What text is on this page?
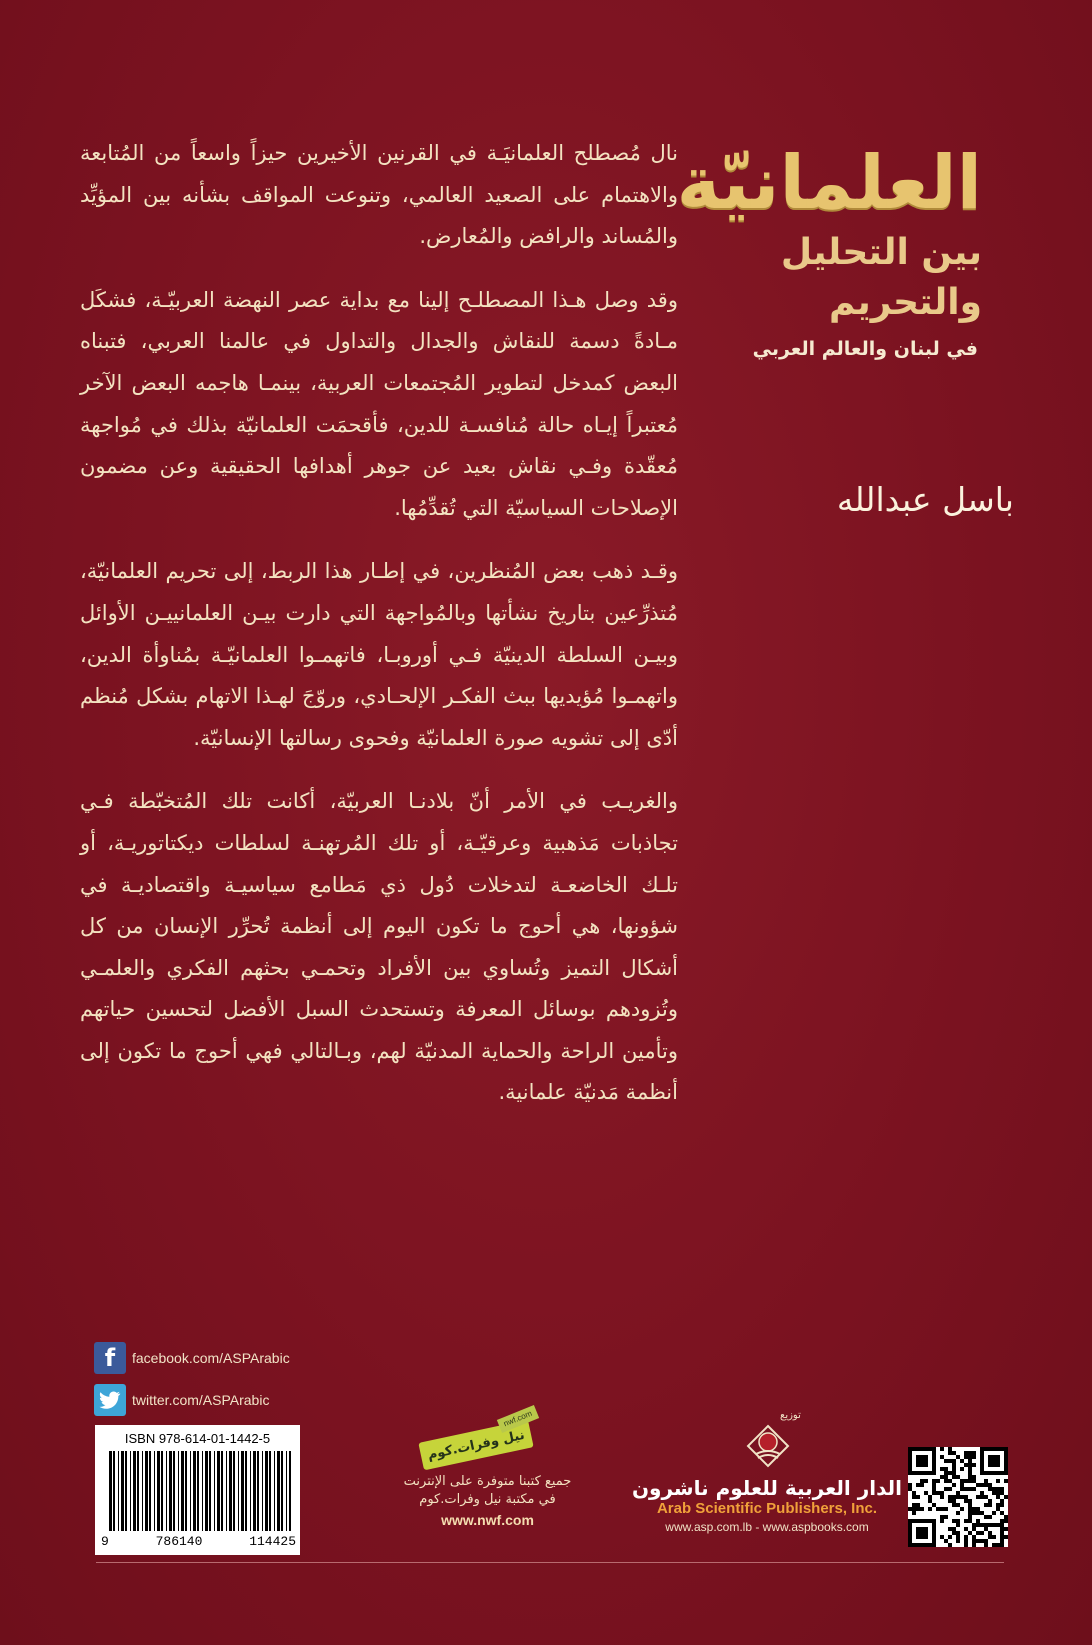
العلمانيّة
بين التحليل والتحريم
في لبنان والعالم العربي
باسل عبدالله

نال مُصطلح العلمانيَـة في القرنين الأخيرين حيزاً واسعاً من المُتابعة والاهتمام على الصعيد العالمي، وتنوعت المواقف بشأنه بين المؤيِّد والمُساند والرافض والمُعارض.

وقد وصل هـذا المصطلـح إلينا مع بداية عصر النهضة العربيّـة، فشكَل مـادةً دسمة للنقاش والجدال والتداول في عالمنا العربي، فتبناه البعض كمدخل لتطوير المُجتمعات العربية، بينمـا هاجمه البعض الآخر مُعتبراً إيـاه حالة مُنافسـة للدين، فأقحمَت العلمانيّة بذلك في مُواجهة مُعقّدة وفـي نقاش بعيد عن جوهر أهدافها الحقيقية وعن مضمون الإصلاحات السياسيّة التي تُقدِّمُها.

وقـد ذهب بعض المُنظرين، في إطـار هذا الربط، إلى تحريم العلمانيّة، مُتذرِّعين بتاريخ نشأتها وبالمُواجهة التي دارت بيـن العلمانييـن الأوائل وبيـن السلطة الدينيّة فـي أوروبـا، فاتهمـوا العلمانيّـة بمُناوأة الدين، واتهمـوا مُؤيديها ببث الفكـر الإلحـادي، وروّجَ لهـذا الاتهام بشكل مُنظم أدّى إلى تشويه صورة العلمانيّة وفحوى رسالتها الإنسانيّة.

والغريـب في الأمر أنّ بلادنـا العربيّة، أكانت تلك المُتخبّطة فـي تجاذبات مَذهبية وعرقيّـة، أو تلك المُرتهنـة لسلطات ديكتاتوريـة، أو تلـك الخاضعـة لتدخلات دُول ذي مَطامع سياسيـة واقتصاديـة في شؤونها، هي أحوج ما تكون اليوم إلى أنظمة تُحرِّر الإنسان من كل أشكال التميز وتُساوي بين الأفراد وتحمـي بحثهم الفكري والعلمـي وتُزودهم بوسائل المعرفة وتستحدث السبل الأفضل لتحسين حياتهم وتأمين الراحة والحماية المدنيّة لهم، وبـالتالي فهي أحوج ما تكون إلى أنظمة مَدنيّة علمانية.

f	facebook.com/ASPArabic
twitter.com/ASPArabic
ISBN 978-614-01-1442-5
9	786140	114425
نيل وفرات.كوم
nwf.com
جميع كتبنا متوفرة على الإنترنت
في مكتبة نيل وفرات.كوم
www.nwf.com
توزيع
الدار العربية للعلوم ناشرون
Arab Scientific Publishers, Inc.
www.asp.com.lb - www.aspbooks.com
